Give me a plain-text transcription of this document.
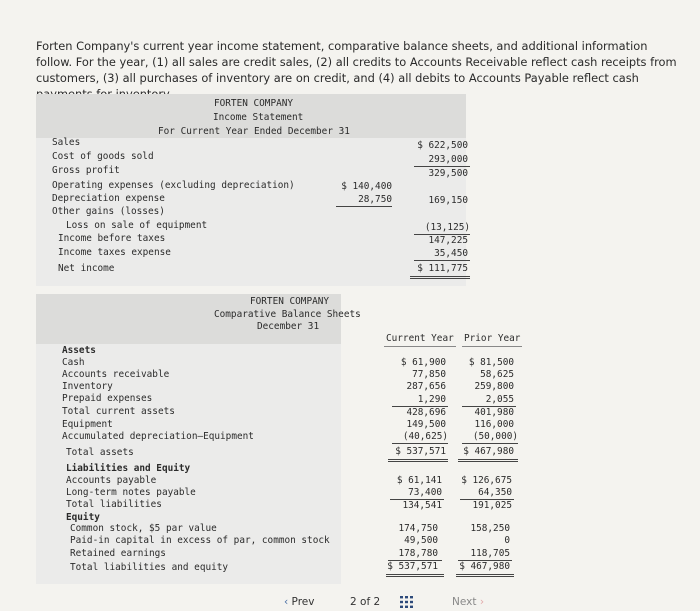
Forten Company's current year income statement, comparative balance sheets, and additional information follow. For the year, (1) all sales are credit sales, (2) all credits to Accounts Receivable reflect cash receipts from customers, (3) all purchases of inventory are on credit, and (4) all debits to Accounts Payable reflect cash
FORTEN COMPANY
Income Statement
For Current Year Ended December 31
Sales	$ 622,500
Cost of goods sold	293,000
Gross profit	329,500
Operating expenses (excluding depreciation)	$ 140,400
Depreciation expense	28,750	169,150
Other gains (losses)
Loss on sale of equipment	(13,125)
Income before taxes	147,225
Income taxes expense	35,450
Net income	$ 111,775
FORTEN COMPANY
Comparative Balance Sheets
December 31
Current Year Prior Year
Assets
Cash	$ 61,900	$ 81,500
Accounts receivable	77,850	58,625
Inventory	287,656	259,800
Prepaid expenses	1,290	2,055
Total current assets	428,696	401,980
Equipment	149,500	116,000
Accumulated depreciation—Equipment	(40,625)	(50,000)
Total assets	$ 537,571	$ 467,980
Liabilities and Equity
Accounts payable	$ 61,141	$ 126,675
Long-term notes payable	73,400	64,350
Total liabilities	134,541	191,025
Equity
Common stock, $5 par value	174,750	158,250
Paid-in capital in excess of par, common stock	49,500	0
Retained earnings	178,780	118,705
Total liabilities and equity	$ 537,571	$ 467,980
‹ Prev	2 of 2	Next ›
